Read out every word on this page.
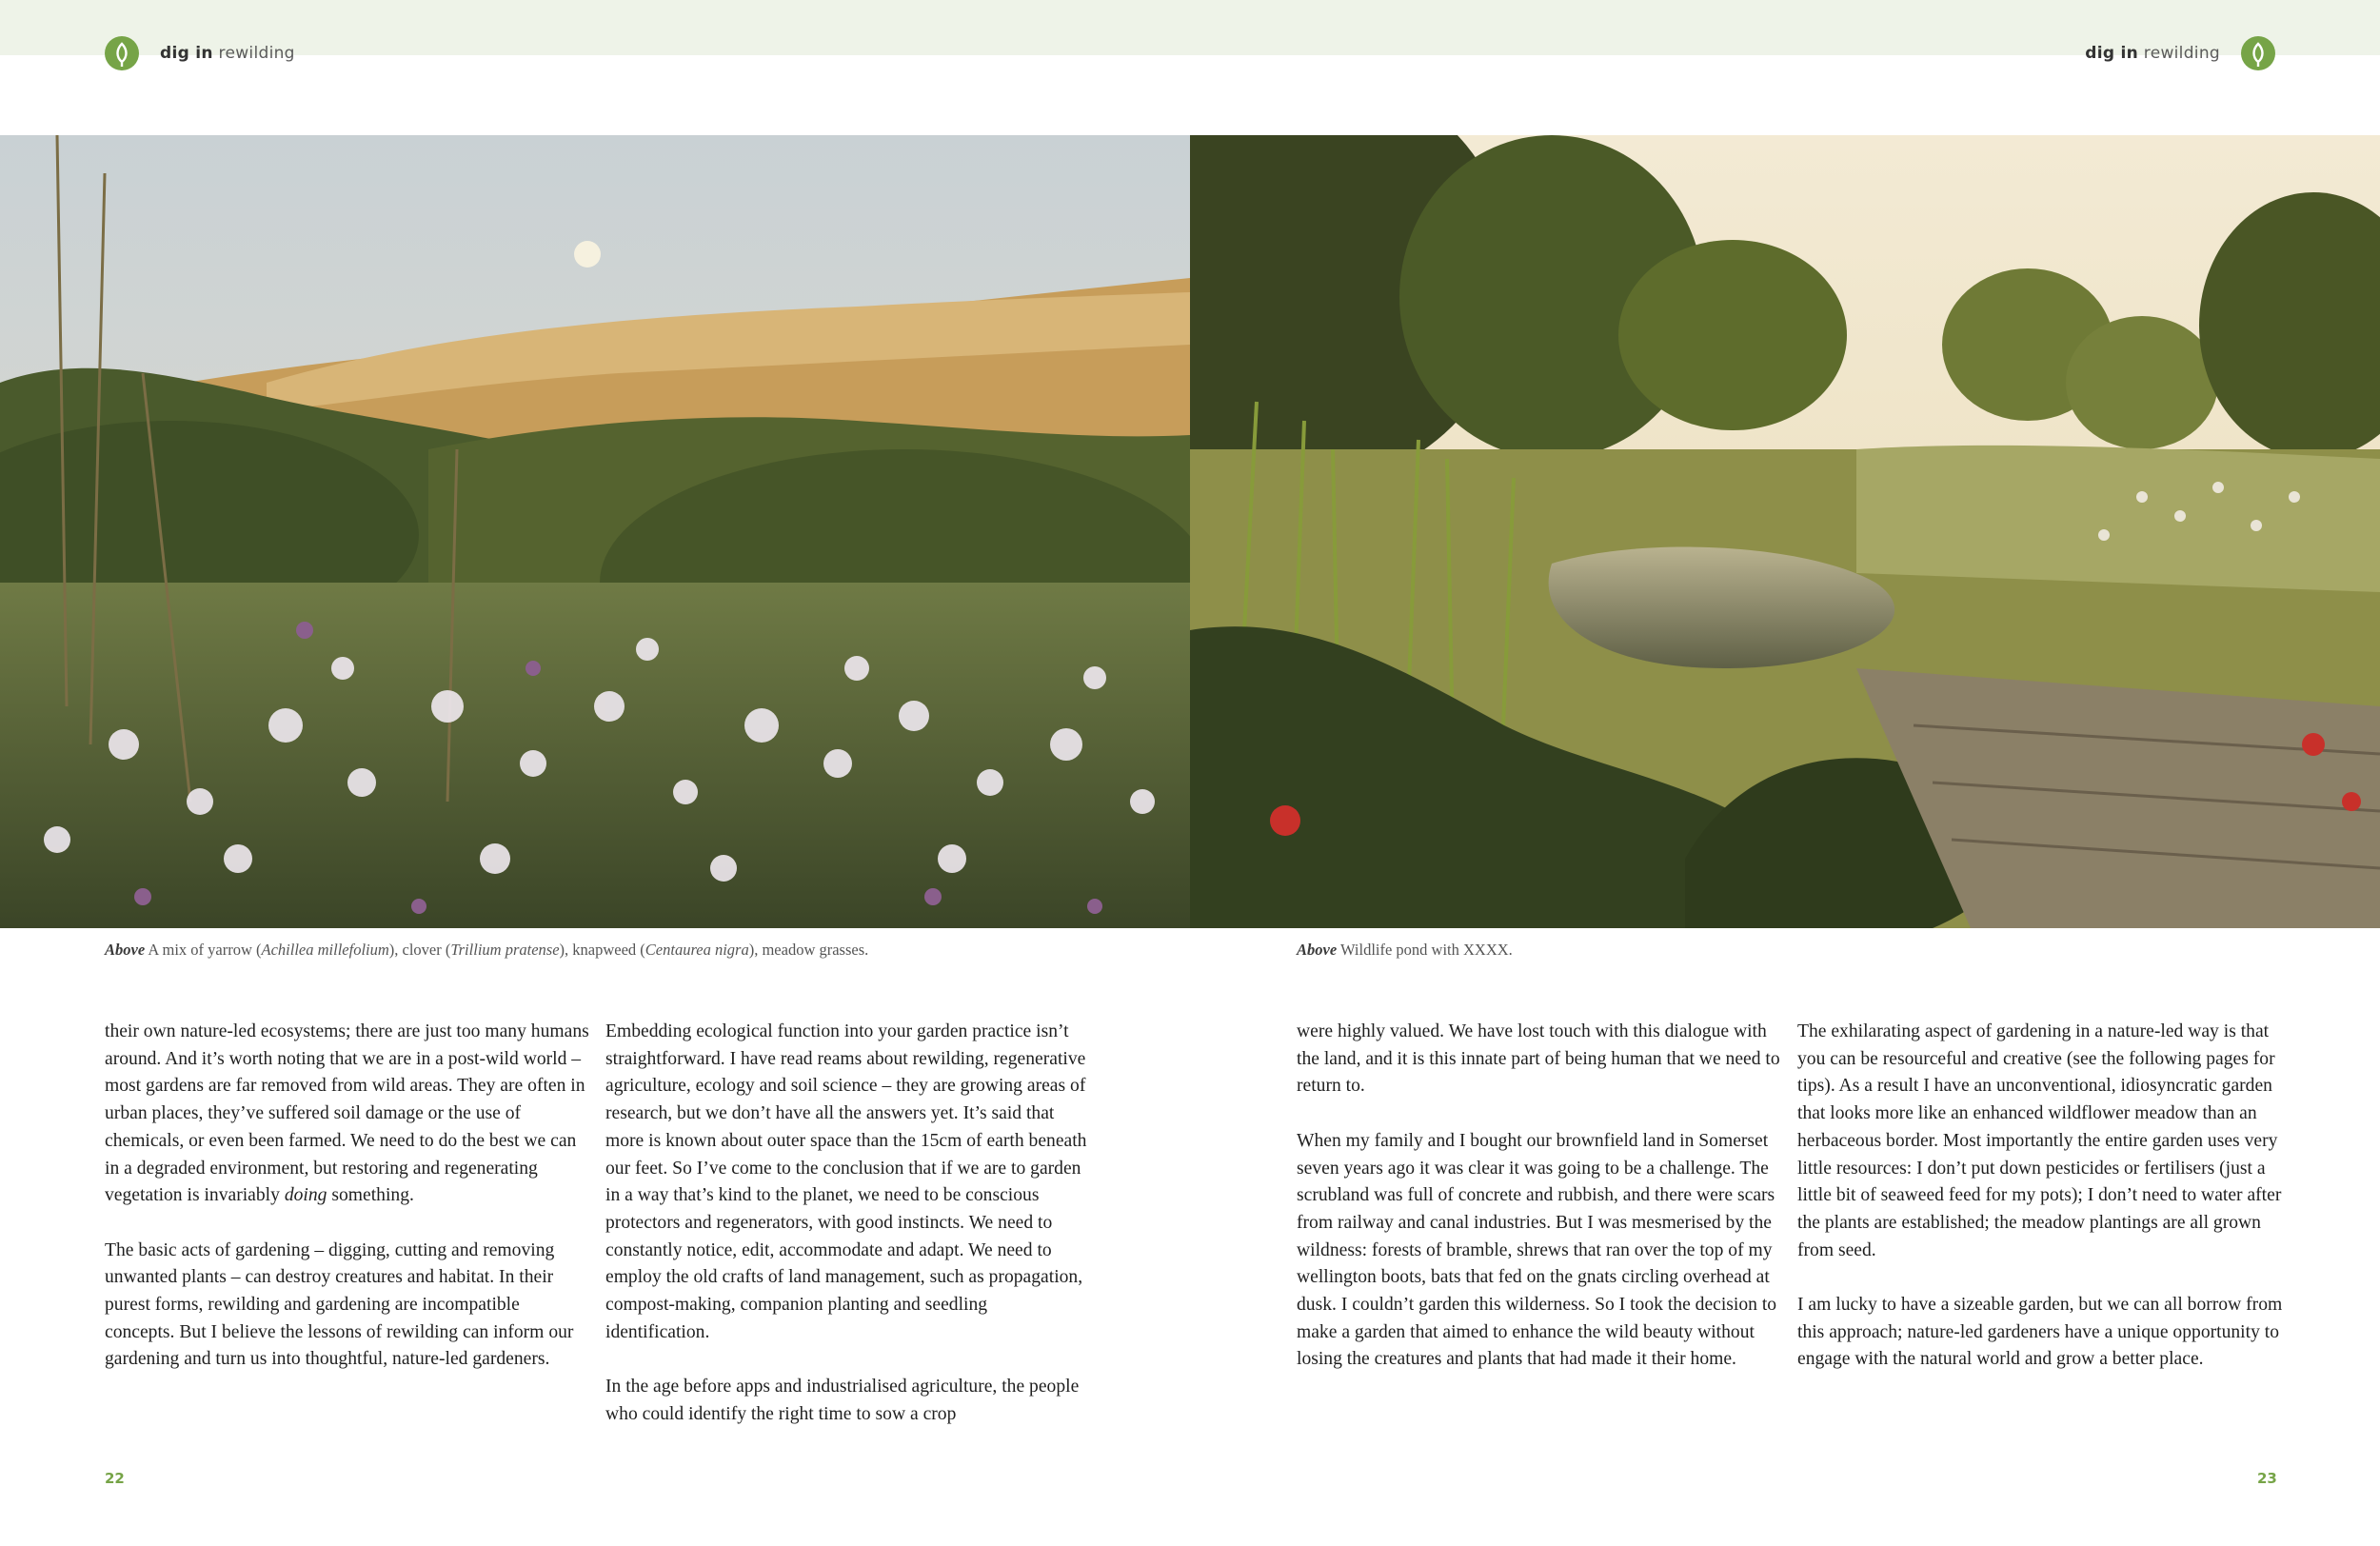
dig in rewilding	dig in rewilding
Above A mix of yarrow (Achillea millefolium), clover (Trillium pratense), knapweed (Centaurea nigra), meadow grasses.	Above Wildlife pond with XXXX.

their own nature-led ecosystems; there are just too many humans around. And it’s worth noting that we are in a post-wild world – most gardens are far removed from wild areas. They are often in urban places, they’ve suffered soil damage or the use of chemicals, or even been farmed. We need to do the best we can in a degraded environment, but restoring and regenerating vegetation is invariably doing something.

The basic acts of gardening – digging, cutting and removing unwanted plants – can destroy creatures and habitat. In their purest forms, rewilding and gardening are incompatible concepts. But I believe the lessons of rewilding can inform our gardening and turn us into thoughtful, nature-led gardeners.

Embedding ecological function into your garden practice isn’t straightforward. I have read reams about rewilding, regenerative agriculture, ecology and soil science – they are growing areas of research, but we don’t have all the answers yet. It’s said that more is known about outer space than the 15cm of earth beneath our feet. So I’ve come to the conclusion that if we are to garden in a way that’s kind to the planet, we need to be conscious protectors and regenerators, with good instincts. We need to constantly notice, edit, accommodate and adapt. We need to employ the old crafts of land management, such as propagation, compost-making, companion planting and seedling identification.

In the age before apps and industrialised agriculture, the people who could identify the right time to sow a crop

were highly valued. We have lost touch with this dialogue with the land, and it is this innate part of being human that we need to return to.

When my family and I bought our brownfield land in Somerset seven years ago it was clear it was going to be a challenge. The scrubland was full of concrete and rubbish, and there were scars from railway and canal industries. But I was mesmerised by the wildness: forests of bramble, shrews that ran over the top of my wellington boots, bats that fed on the gnats circling overhead at dusk. I couldn’t garden this wilderness. So I took the decision to make a garden that aimed to enhance the wild beauty without losing the creatures and plants that had made it their home.

The exhilarating aspect of gardening in a nature-led way is that you can be resourceful and creative (see the following pages for tips). As a result I have an unconventional, idiosyncratic garden that looks more like an enhanced wildflower meadow than an herbaceous border. Most importantly the entire garden uses very little resources: I don’t put down pesticides or fertilisers (just a little bit of seaweed feed for my pots); I don’t need to water after the plants are established; the meadow plantings are all grown from seed.

I am lucky to have a sizeable garden, but we can all borrow from this approach; nature-led gardeners have a unique opportunity to engage with the natural world and grow a better place.

22	23
